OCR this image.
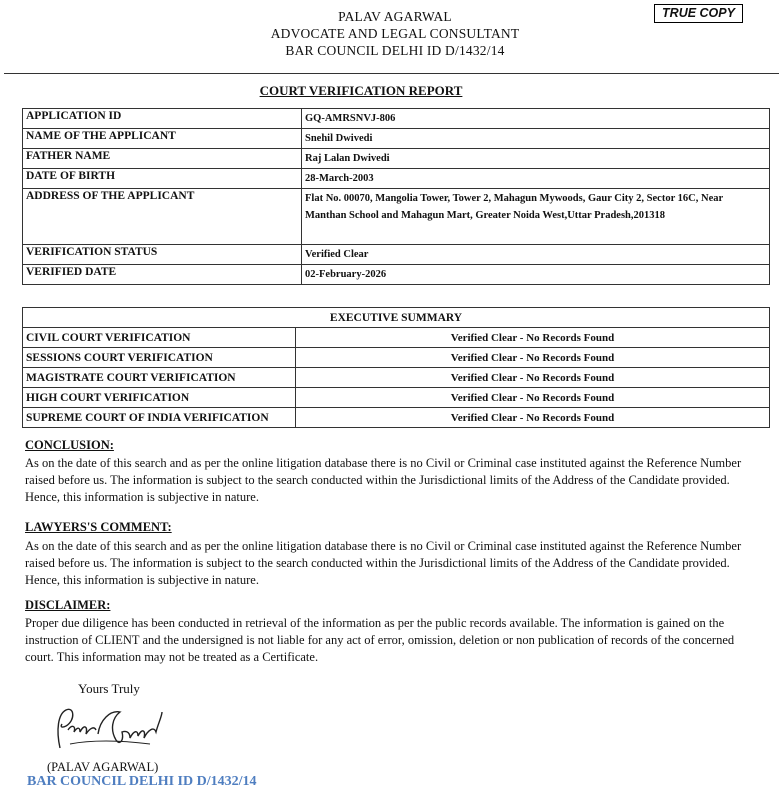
PALAV AGARWAL
ADVOCATE AND LEGAL CONSULTANT
BAR COUNCIL DELHI ID D/1432/14
TRUE COPY
COURT VERIFICATION REPORT
APPLICATION ID	GQ-AMRSNVJ-806
NAME OF THE APPLICANT	Snehil Dwivedi
FATHER NAME	Raj Lalan Dwivedi
DATE OF BIRTH	28-March-2003
ADDRESS OF THE APPLICANT	Flat No. 00070, Mangolia Tower, Tower 2, Mahagun Mywoods, Gaur City 2, Sector 16C, Near Manthan School and Mahagun Mart, Greater Noida West,Uttar Pradesh,201318
VERIFICATION STATUS	Verified Clear
VERIFIED DATE	02-February-2026
EXECUTIVE SUMMARY	
CIVIL COURT VERIFICATION	Verified Clear - No Records Found
SESSIONS COURT VERIFICATION	Verified Clear - No Records Found
MAGISTRATE COURT VERIFICATION	Verified Clear - No Records Found
HIGH COURT VERIFICATION	Verified Clear - No Records Found
SUPREME COURT OF INDIA VERIFICATION	Verified Clear - No Records Found
CONCLUSION:
As on the date of this search and as per the online litigation database there is no Civil or Criminal case instituted against the Reference Number raised before us. The information is subject to the search conducted within the Jurisdictional limits of the Address of the Candidate provided. Hence, this information is subjective in nature.
LAWYERS'S COMMENT:
As on the date of this search and as per the online litigation database there is no Civil or Criminal case instituted against the Reference Number raised before us. The information is subject to the search conducted within the Jurisdictional limits of the Address of the Candidate provided. Hence, this information is subjective in nature.
DISCLAIMER:
Proper due diligence has been conducted in retrieval of the information as per the public records available. The information is gained on the instruction of CLIENT and the undersigned is not liable for any act of error, omission, deletion or non publication of records of the concerned court. This information may not be treated as a Certificate.
Yours Truly
(PALAV AGARWAL)
BAR COUNCIL DELHI ID D/1432/14
